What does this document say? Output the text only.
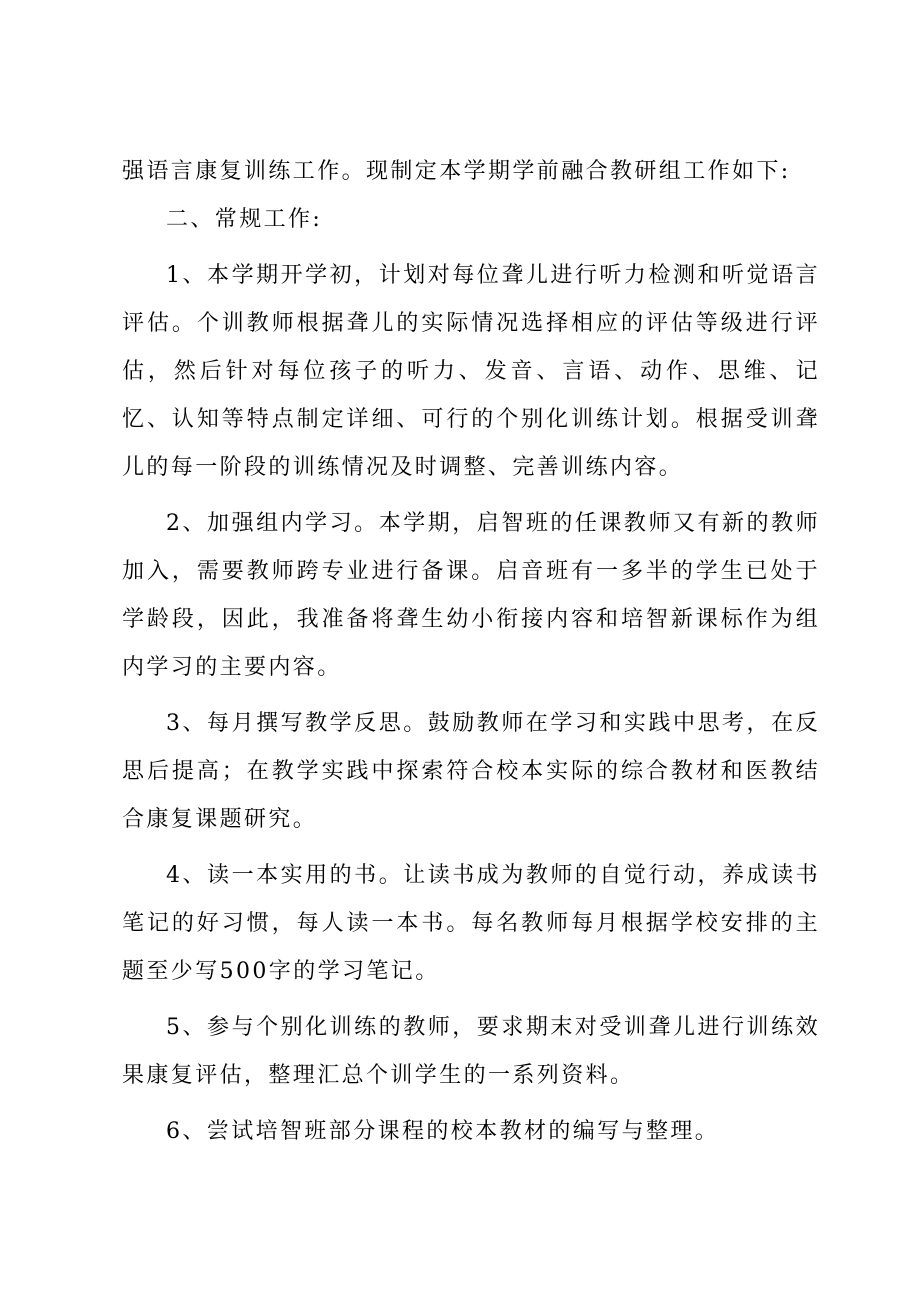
强语言康复训练工作。现制定本学期学前融合教研组工作如下:

二、常规工作:

1、本学期开学初，计划对每位聋儿进行听力检测和听觉语言评估。个训教师根据聋儿的实际情况选择相应的评估等级进行评估，然后针对每位孩子的听力、发音、言语、动作、思维、记忆、认知等特点制定详细、可行的个别化训练计划。根据受训聋儿的每一阶段的训练情况及时调整、完善训练内容。

2、加强组内学习。本学期，启智班的任课教师又有新的教师加入，需要教师跨专业进行备课。启音班有一多半的学生已处于学龄段，因此，我准备将聋生幼小衔接内容和培智新课标作为组内学习的主要内容。

3、每月撰写教学反思。鼓励教师在学习和实践中思考，在反思后提高；在教学实践中探索符合校本实际的综合教材和医教结合康复课题研究。

4、读一本实用的书。让读书成为教师的自觉行动，养成读书笔记的好习惯，每人读一本书。每名教师每月根据学校安排的主题至少写500字的学习笔记。

5、参与个别化训练的教师，要求期末对受训聋儿进行训练效果康复评估，整理汇总个训学生的一系列资料。

6、尝试培智班部分课程的校本教材的编写与整理。
